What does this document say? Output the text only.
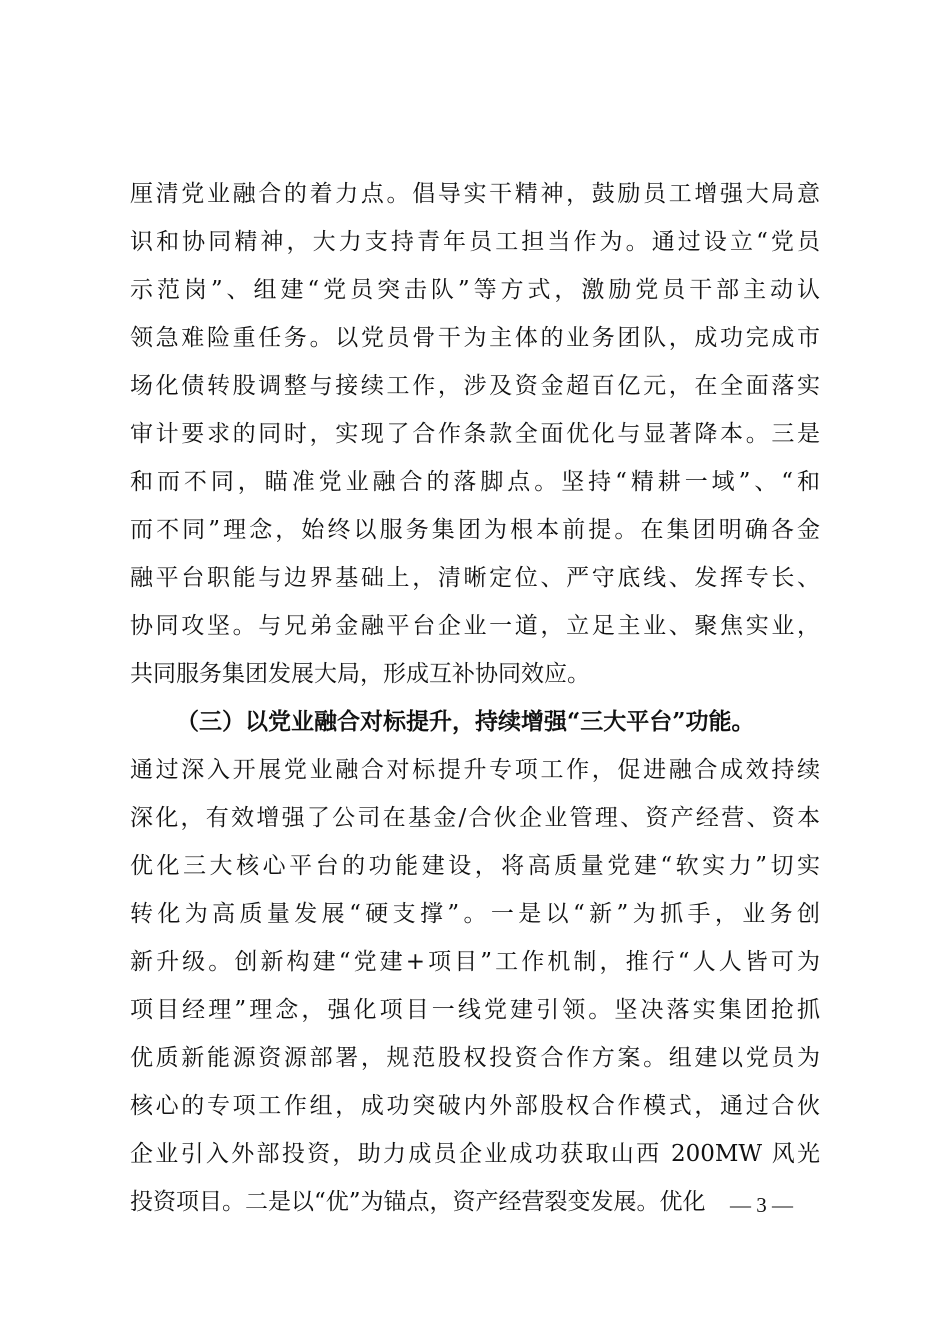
厘清党业融合的着力点。倡导实干精神，鼓励员工增强大局意
识和协同精神，大力支持青年员工担当作为。通过设立“党员
示范岗”、组建“党员突击队”等方式，激励党员干部主动认
领急难险重任务。以党员骨干为主体的业务团队，成功完成市
场化债转股调整与接续工作，涉及资金超百亿元，在全面落实
审计要求的同时，实现了合作条款全面优化与显著降本。三是
和而不同，瞄准党业融合的落脚点。坚持“精耕一域”、“和
而不同”理念，始终以服务集团为根本前提。在集团明确各金
融平台职能与边界基础上，清晰定位、严守底线、发挥专长、
协同攻坚。与兄弟金融平台企业一道，立足主业、聚焦实业，
共同服务集团发展大局，形成互补协同效应。
（三）以党业融合对标提升，持续增强“三大平台”功能。
通过深入开展党业融合对标提升专项工作，促进融合成效持续
深化，有效增强了公司在基金/合伙企业管理、资产经营、资本
优化三大核心平台的功能建设，将高质量党建“软实力”切实
转化为高质量发展“硬支撑”。一是以“新”为抓手，业务创
新升级。创新构建“党建+项目”工作机制，推行“人人皆可为
项目经理”理念，强化项目一线党建引领。坚决落实集团抢抓
优质新能源资源部署，规范股权投资合作方案。组建以党员为
核心的专项工作组，成功突破内外部股权合作模式，通过合伙
企业引入外部投资，助力成员企业成功获取山西 200MW 风光
投资项目。二是以“优”为锚点，资产经营裂变发展。优化	— 3 —
